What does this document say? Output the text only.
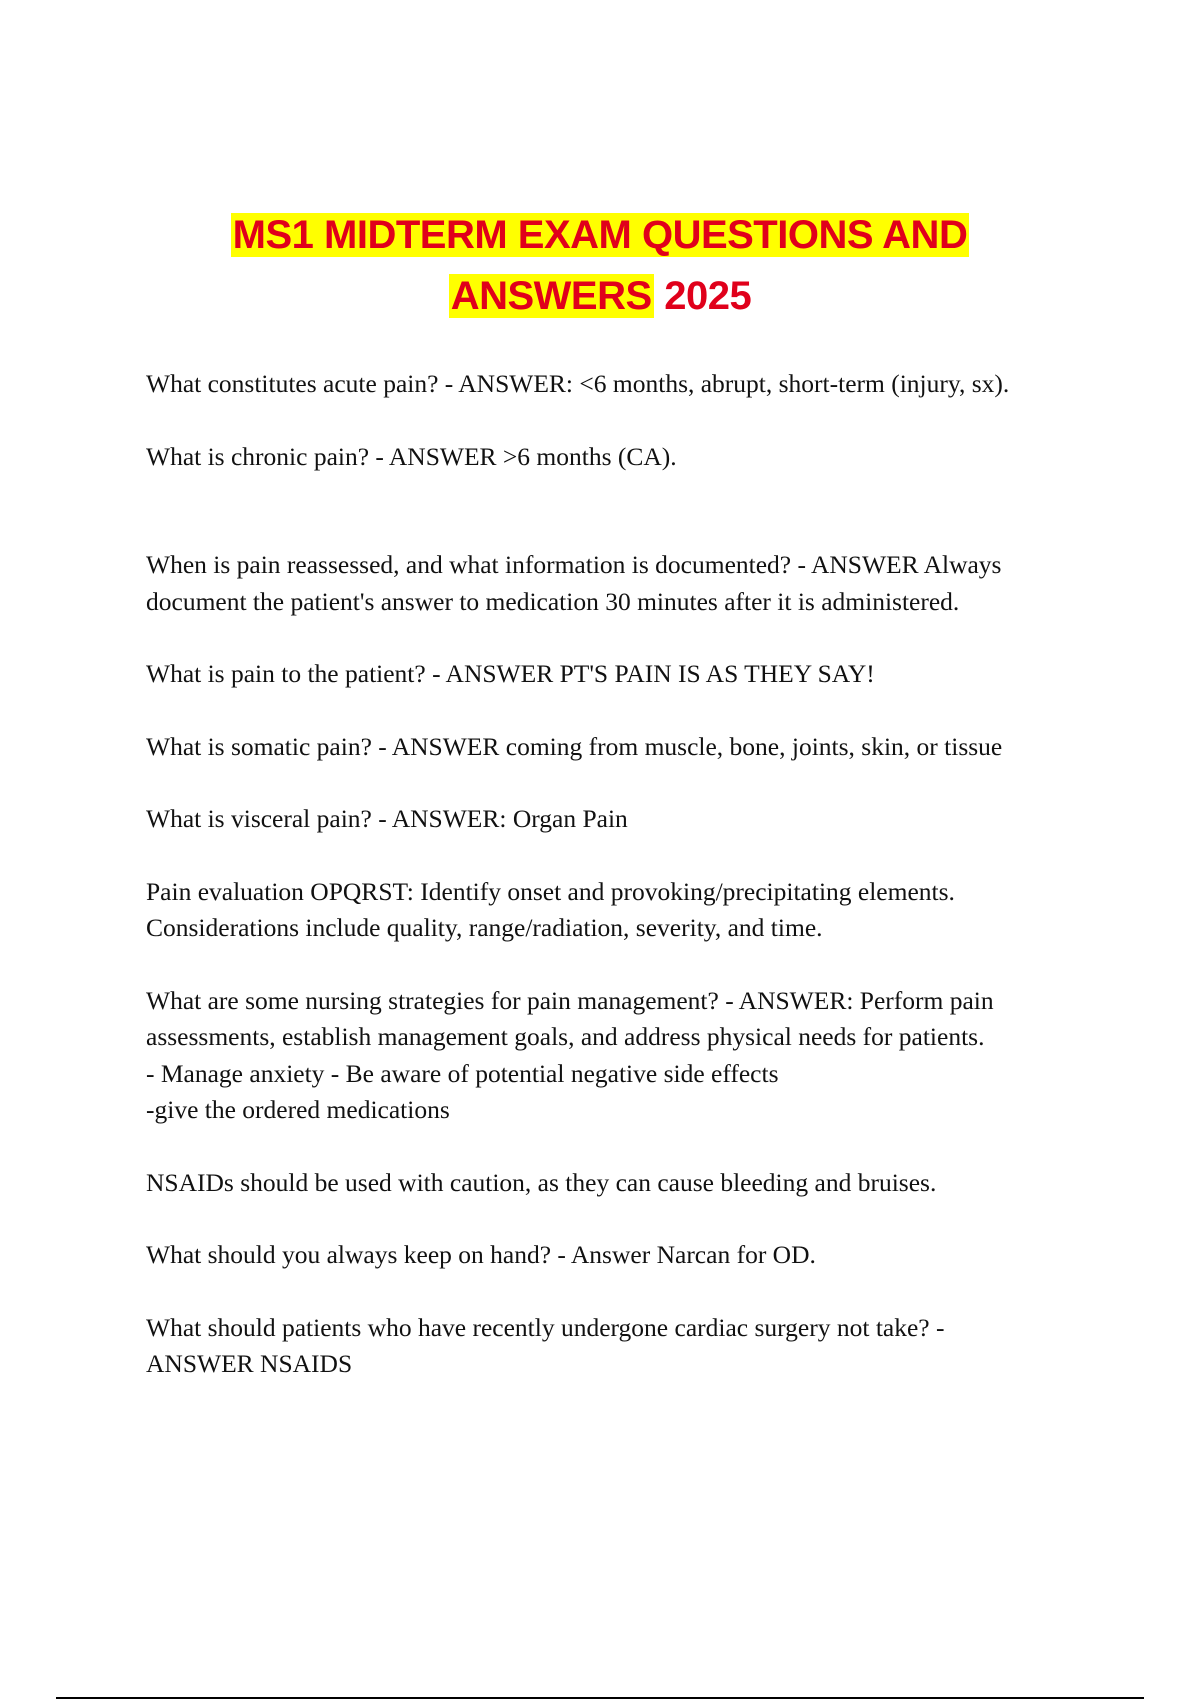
MS1 MIDTERM EXAM QUESTIONS AND
ANSWERS 2025

What constitutes acute pain? - ANSWER: <6 months, abrupt, short-term (injury, sx).

What is chronic pain? - ANSWER >6 months (CA).

When is pain reassessed, and what information is documented? - ANSWER Always document the patient's answer to medication 30 minutes after it is administered.

What is pain to the patient? - ANSWER PT'S PAIN IS AS THEY SAY!

What is somatic pain? - ANSWER coming from muscle, bone, joints, skin, or tissue

What is visceral pain? - ANSWER: Organ Pain

Pain evaluation OPQRST: Identify onset and provoking/precipitating elements. Considerations include quality, range/radiation, severity, and time.

What are some nursing strategies for pain management? - ANSWER: Perform pain assessments, establish management goals, and address physical needs for patients.
- Manage anxiety - Be aware of potential negative side effects
-give the ordered medications

NSAIDs should be used with caution, as they can cause bleeding and bruises.

What should you always keep on hand? - Answer Narcan for OD.

What should patients who have recently undergone cardiac surgery not take? - ANSWER NSAIDS
